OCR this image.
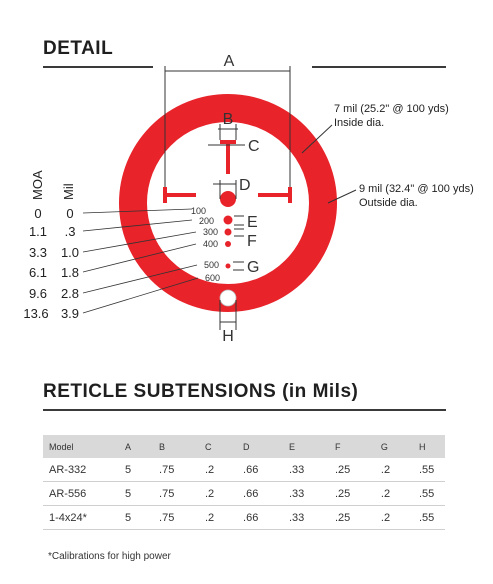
DETAIL
A
B
C
D
E
F
G
H
100
200
300
400
500
600
MOA Mil
0 0
1.1 .3
3.3 1.0
6.1 1.8
9.6 2.8
13.6 3.9
7 mil (25.2" @ 100 yds)
Inside dia.
9 mil (32.4" @ 100 yds)
Outside dia.
RETICLE SUBTENSIONS (in Mils)
Model	A	B	C	D	E	F	G	H
AR-332	5	.75	.2	.66	.33	.25	.2	.55
AR-556	5	.75	.2	.66	.33	.25	.2	.55
1-4x24*	5	.75	.2	.66	.33	.25	.2	.55
*Calibrations for high power
